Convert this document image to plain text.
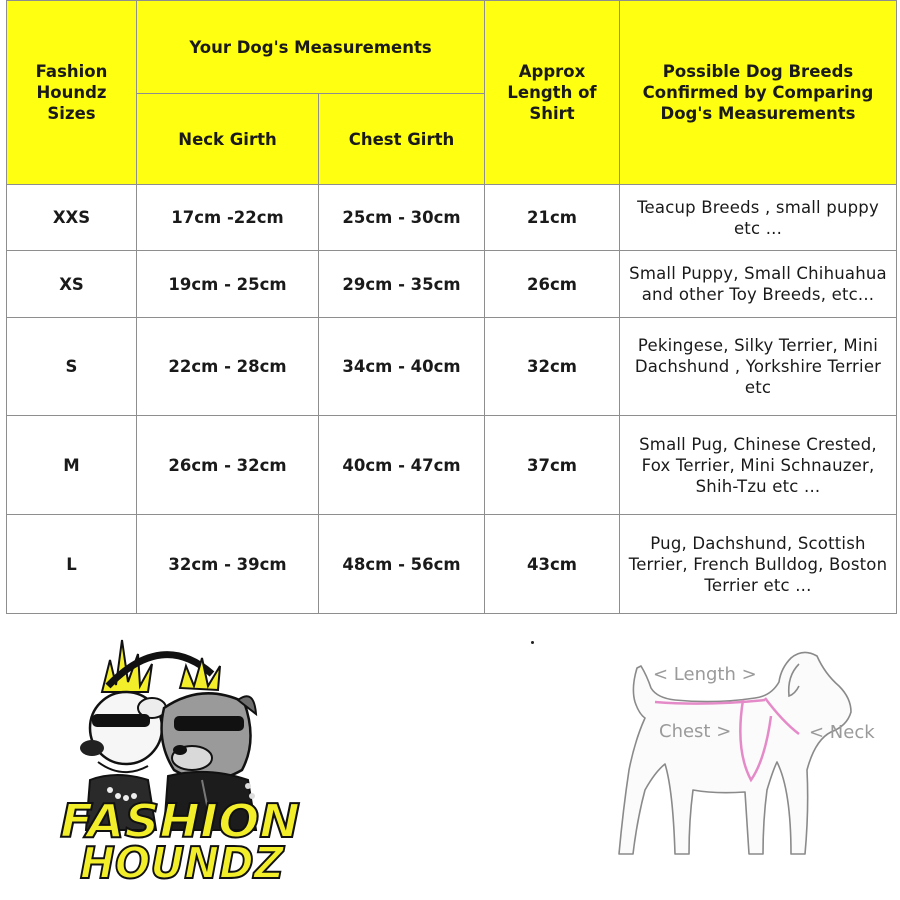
Fashion Houndz Sizes	Your Dog's Measurements		Approx Length of Shirt	Possible Dog Breeds Confirmed by Comparing Dog's Measurements
	Neck Girth	Chest Girth		
XXS	17cm -22cm	25cm - 30cm	21cm	Teacup Breeds , small puppy etc ...
XS	19cm - 25cm	29cm - 35cm	26cm	Small Puppy, Small Chihuahua and other Toy Breeds, etc...
S	22cm - 28cm	34cm - 40cm	32cm	Pekingese, Silky Terrier, Mini Dachshund , Yorkshire Terrier etc
M	26cm - 32cm	40cm - 47cm	37cm	Small Pug, Chinese Crested, Fox Terrier, Mini Schnauzer, Shih-Tzu etc ...
L	32cm - 39cm	48cm - 56cm	43cm	Pug, Dachshund, Scottish Terrier, French Bulldog, Boston Terrier etc ...
FASHION
HOUNDZ
< Length >
Chest >	< Neck
